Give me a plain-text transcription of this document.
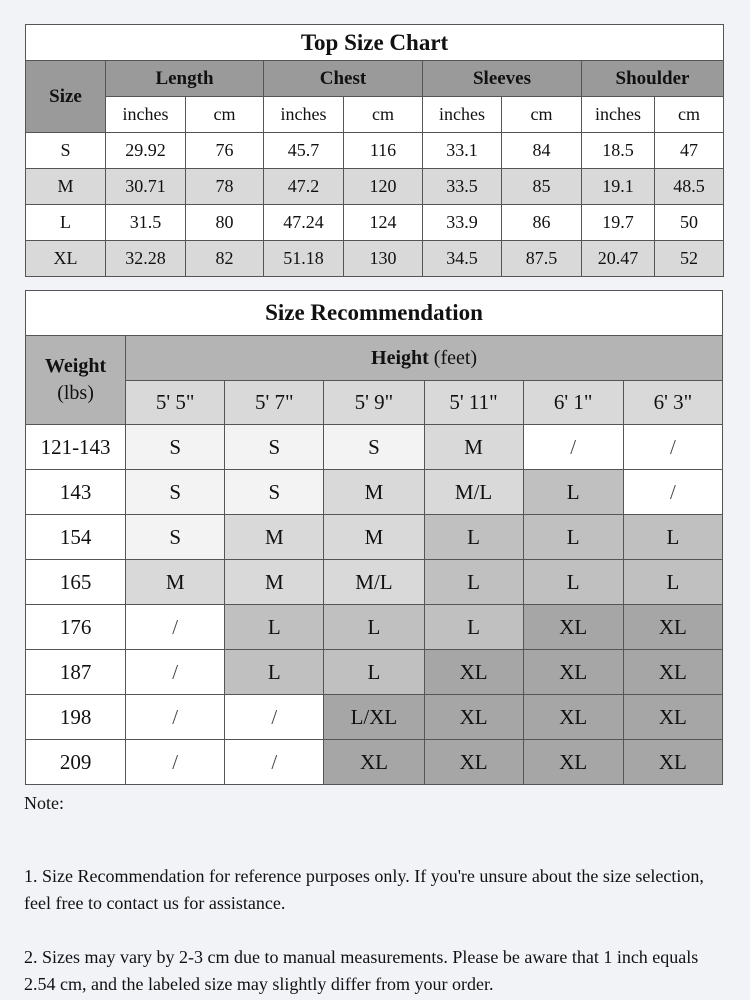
Top Size Chart								
Size	Length		Chest		Sleeves		Shoulder	
	inches	cm	inches	cm	inches	cm	inches	cm
S	29.92	76	45.7	116	33.1	84	18.5	47
M	30.71	78	47.2	120	33.5	85	19.1	48.5
L	31.5	80	47.24	124	33.9	86	19.7	50
XL	32.28	82	51.18	130	34.5	87.5	20.47	52
Size Recommendation						

Weight
(lbs)	Height (feet)					
	5' 5"	5' 7"	5' 9"	5' 11"	6' 1"	6' 3"
121-143	S	S	S	M	/	/
143	S	S	M	M/L	L	/
154	S	M	M	L	L	L
165	M	M	M/L	L	L	L
176	/	L	L	L	XL	XL
187	/	L	L	XL	XL	XL
198	/	/	L/XL	XL	XL	XL
209	/	/	XL	XL	XL	XL
Note:

1. Size Recommendation for reference purposes only. If you're unsure about the size selection, feel free to contact us for assistance.

2. Sizes may vary by 2-3 cm due to manual measurements. Please be aware that 1 inch equals 2.54 cm, and the labeled size may slightly differ from your order.
